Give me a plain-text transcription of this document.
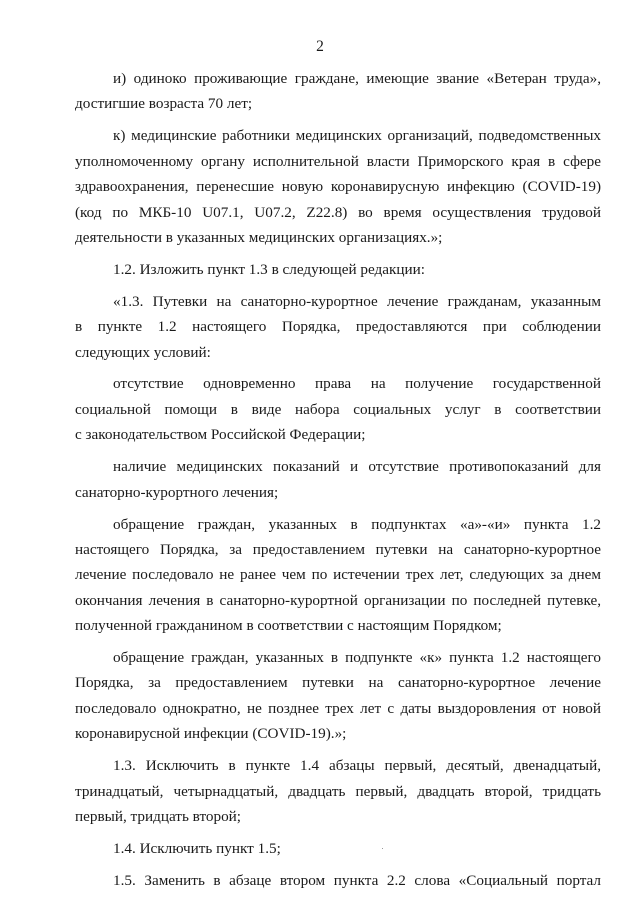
2

и) одиноко проживающие граждане, имеющие звание «Ветеран труда»,
достигшие возраста 70 лет;

к) медицинские работники медицинских организаций, подведомственных
уполномоченному органу исполнительной власти Приморского края в сфере
здравоохранения, перенесшие новую коронавирусную инфекцию (COVID-19)
(код по МКБ-10 U07.1, U07.2, Z22.8) во время осуществления трудовой
деятельности в указанных медицинских организациях.»;

1.2. Изложить пункт 1.3 в следующей редакции:

«1.3. Путевки на санаторно-курортное лечение гражданам, указанным
в пункте 1.2 настоящего Порядка, предоставляются при соблюдении
следующих условий:

отсутствие одновременно права на получение государственной
социальной помощи в виде набора социальных услуг в соответствии
с законодательством Российской Федерации;

наличие медицинских показаний и отсутствие противопоказаний для
санаторно-курортного лечения;

обращение граждан, указанных в подпунктах «а»-«и» пункта 1.2
настоящего Порядка, за предоставлением путевки на санаторно-курортное
лечение последовало не ранее чем по истечении трех лет, следующих за днем
окончания лечения в санаторно-курортной организации по последней путевке,
полученной гражданином в соответствии с настоящим Порядком;

обращение граждан, указанных в подпункте «к» пункта 1.2 настоящего
Порядка, за предоставлением путевки на санаторно-курортное лечение
последовало однократно, не позднее трех лет с даты выздоровления от новой
коронавирусной инфекции (COVID-19).»;

1.3. Исключить в пункте 1.4 абзацы первый, десятый, двенадцатый,
тринадцатый, четырнадцатый, двадцать первый, двадцать второй, тридцать
первый, тридцать второй;

1.4. Исключить пункт 1.5;

1.5. Заменить в абзаце втором пункта 2.2 слова «Социальный портал
